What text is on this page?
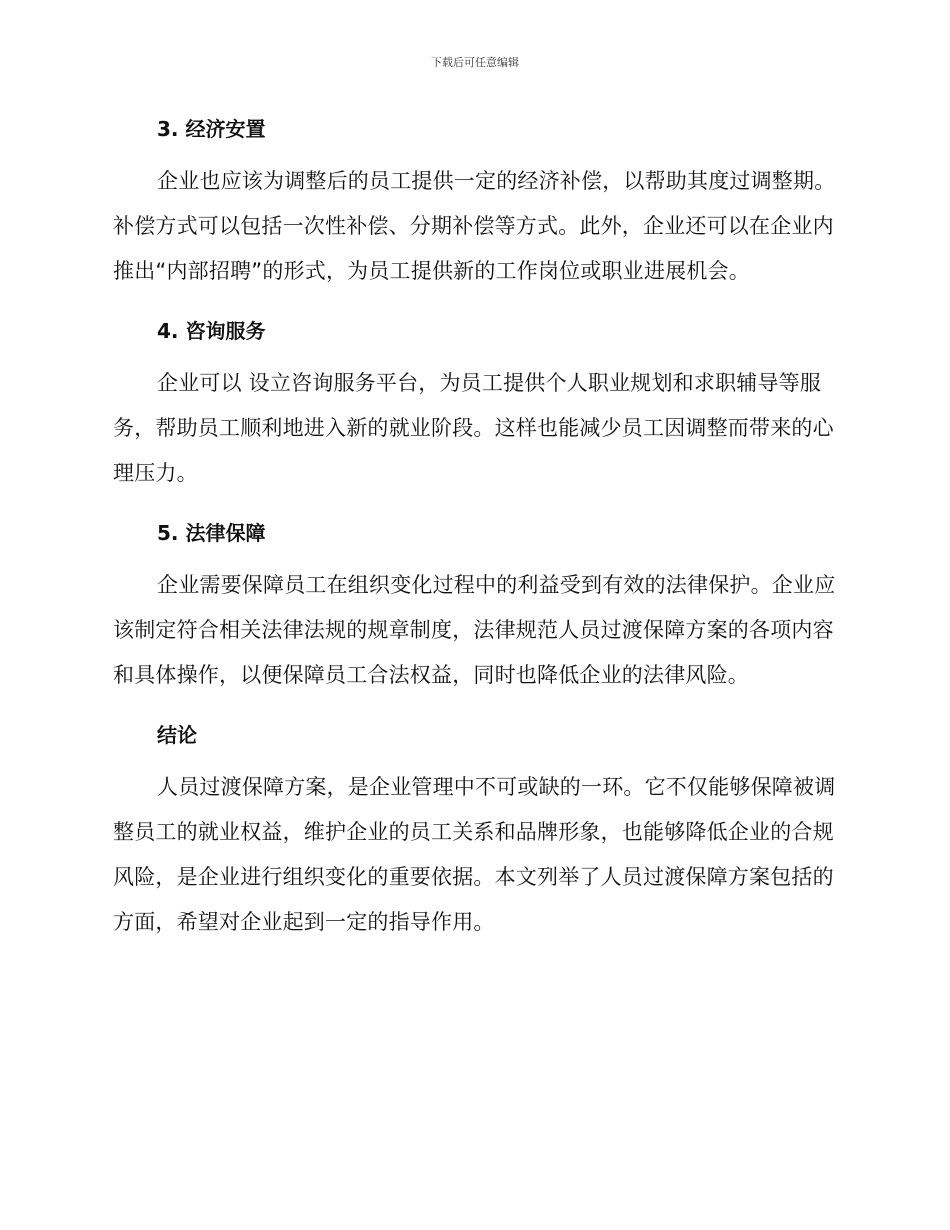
下载后可任意编辑
3. 经济安置

企业也应该为调整后的员工提供一定的经济补偿，以帮助其度过调整期。补偿方式可以包括一次性补偿、分期补偿等方式。此外，企业还可以在企业内推出“内部招聘”的形式，为员工提供新的工作岗位或职业进展机会。

4. 咨询服务

企业可以 设立咨询服务平台，为员工提供个人职业规划和求职辅导等服务，帮助员工顺利地进入新的就业阶段。这样也能减少员工因调整而带来的心理压力。

5. 法律保障

企业需要保障员工在组织变化过程中的利益受到有效的法律保护。企业应该制定符合相关法律法规的规章制度，法律规范人员过渡保障方案的各项内容和具体操作，以便保障员工合法权益，同时也降低企业的法律风险。

结论

人员过渡保障方案，是企业管理中不可或缺的一环。它不仅能够保障被调整员工的就业权益，维护企业的员工关系和品牌形象，也能够降低企业的合规风险，是企业进行组织变化的重要依据。本文列举了人员过渡保障方案包括的方面，希望对企业起到一定的指导作用。
